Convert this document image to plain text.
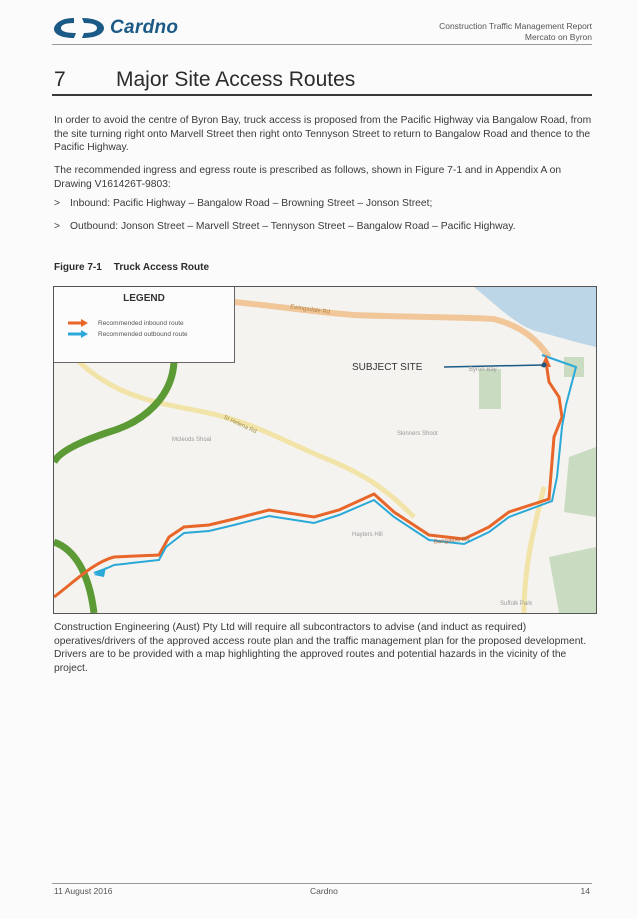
Cardno	Construction Traffic Management Report
Mercato on Byron
7 Major Site Access Routes

In order to avoid the centre of Byron Bay, truck access is proposed from the Pacific Highway via Bangalow Road, from the site turning right onto Marvell Street then right onto Tennyson Street to return to Bangalow Road and thence to the Pacific Highway.

The recommended ingress and egress route is prescribed as follows, shown in Figure 7-1 and in Appendix A on Drawing V161426T-9803:

> Inbound: Pacific Highway – Bangalow Road – Browning Street – Jonson Street;
> Outbound: Jonson Street – Marvell Street – Tennyson Street – Bangalow Road – Pacific Highway.
Figure 7-1 Truck Access Route
LEGEND
Recommended inbound route
Recommended outbound route
SUBJECT SITE
Ewingsdale Rd
St Helena Rd
Byron Bay
Mcleods Shoal
Skinners Shoot
Hayters Hill
Bangalow Rd
Suffolk Park

Construction Engineering (Aust) Pty Ltd will require all subcontractors to advise (and induct as required) operatives/drivers of the approved access route plan and the traffic management plan for the proposed development. Drivers are to be provided with a map highlighting the approved routes and potential hazards in the vicinity of the project.

11 August 2016	Cardno	14
